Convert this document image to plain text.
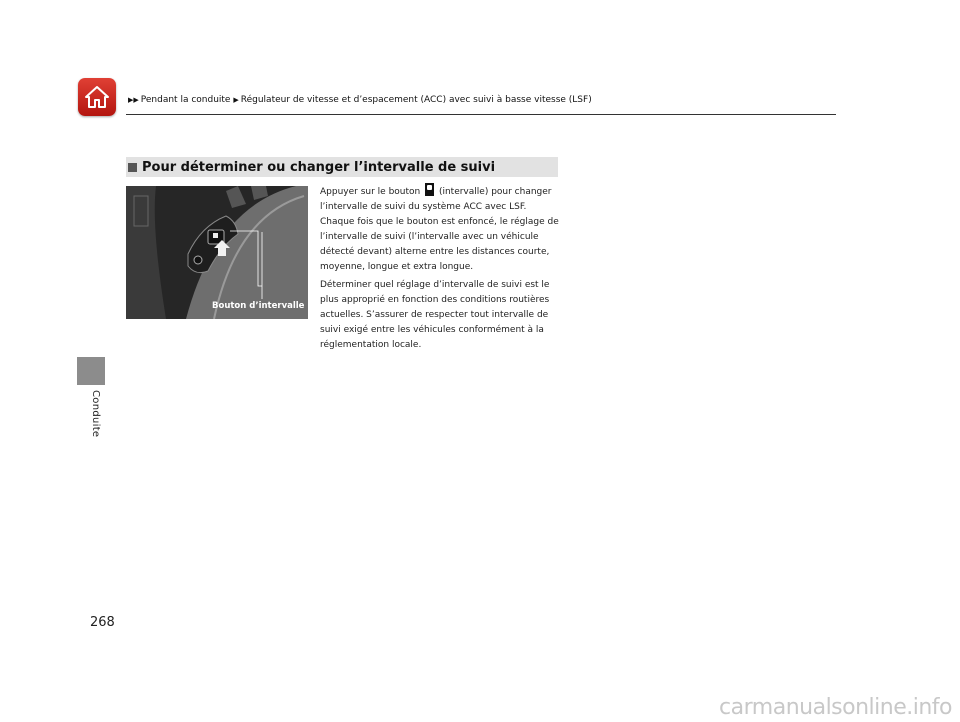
▶▶ Pendant la conduite ▶ Régulateur de vitesse et d’espacement (ACC) avec suivi à basse vitesse (LSF)
Conduite
268
Pour déterminer ou changer l’intervalle de suivi
Bouton d’intervalle
Appuyer sur le bouton  (intervalle) pour changer l’intervalle de suivi du système ACC avec LSF. Chaque fois que le bouton est enfoncé, le réglage de l’intervalle de suivi (l’intervalle avec un véhicule détecté devant) alterne entre les distances courte, moyenne, longue et extra longue.
Déterminer quel réglage d’intervalle de suivi est le plus approprié en fonction des conditions routières actuelles. S’assurer de respecter tout intervalle de suivi exigé entre les véhicules conformément à la réglementation locale.
carmanualsonline.info
